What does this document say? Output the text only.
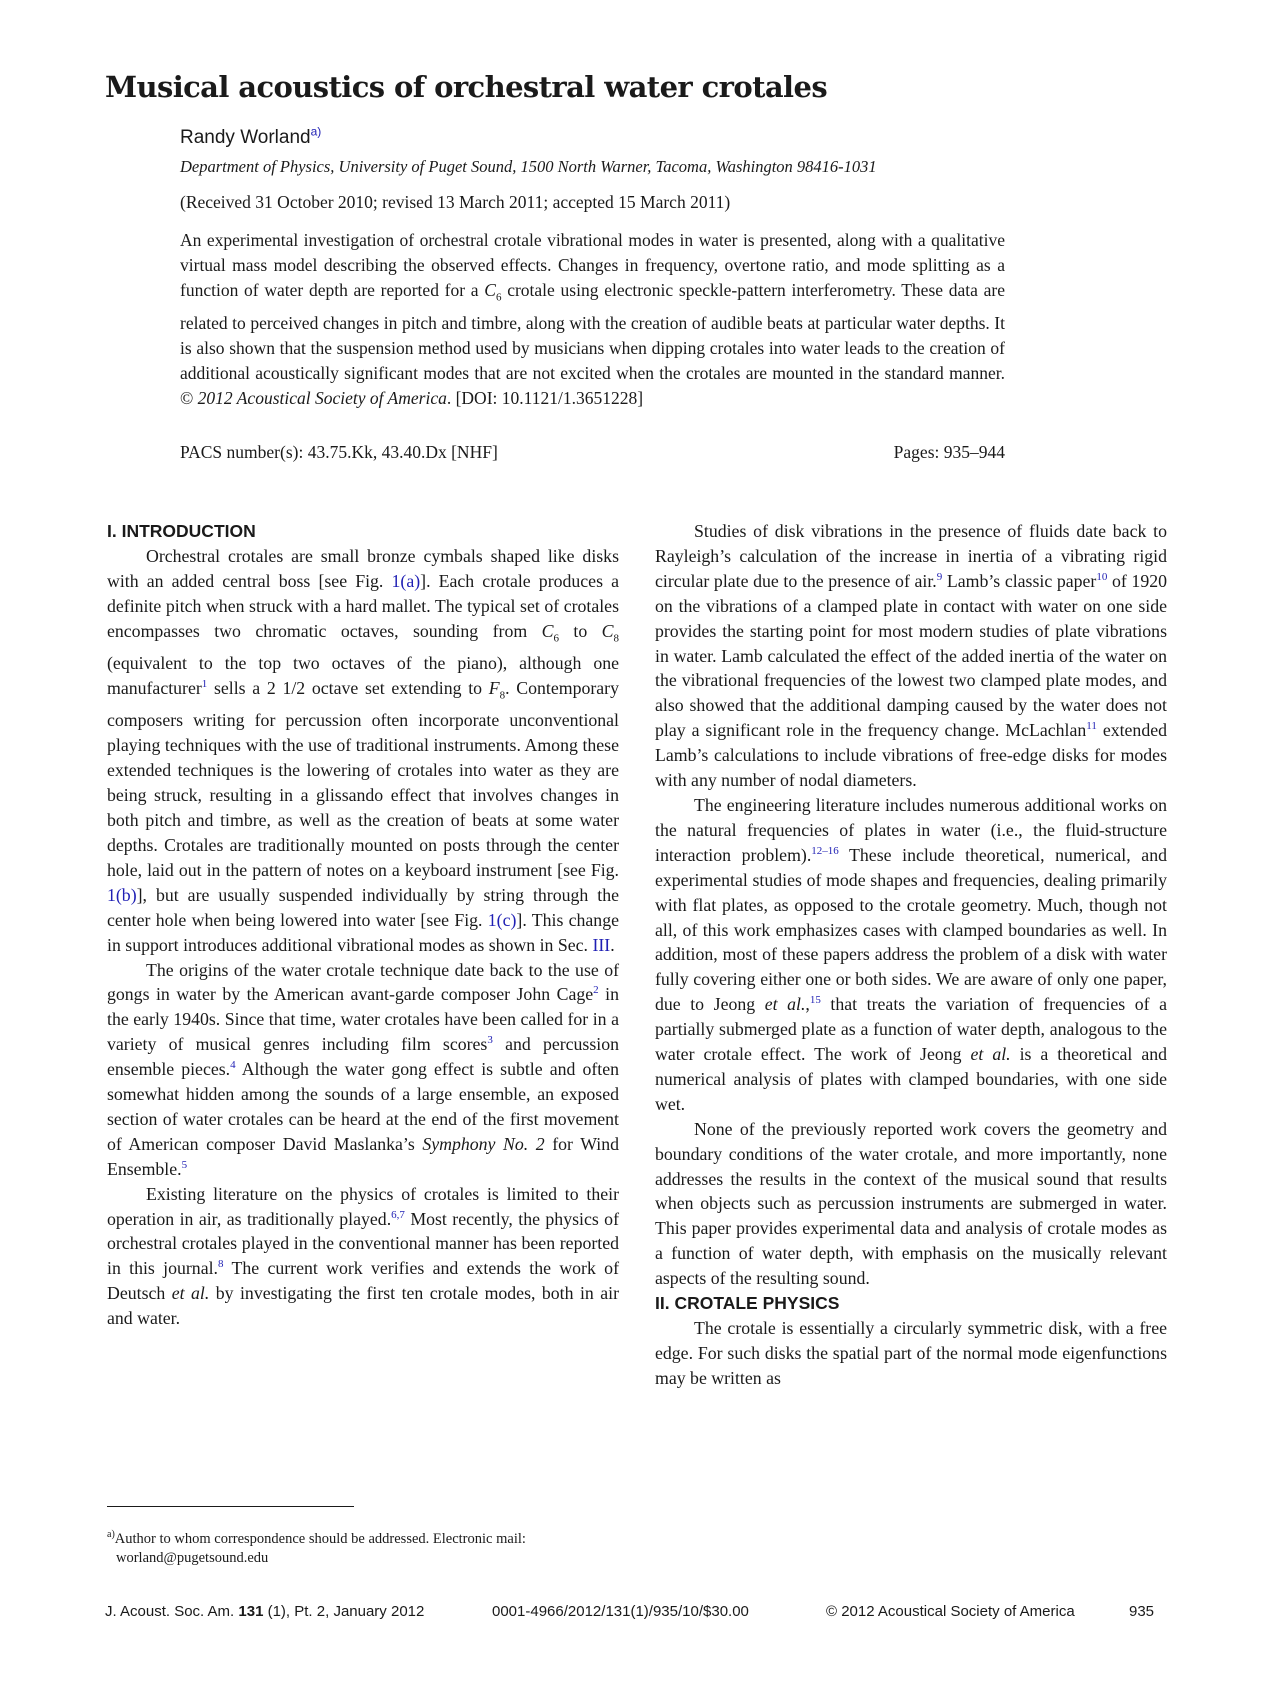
Musical acoustics of orchestral water crotales
Randy Worland$^{a)}$
Department of Physics, University of Puget Sound, 1500 North Warner, Tacoma, Washington 98416-1031
(Received 31 October 2010; revised 13 March 2011; accepted 15 March 2011)
An experimental investigation of orchestral crotale vibrational modes in water is presented, along with a qualitative virtual mass model describing the observed effects. Changes in frequency, overtone ratio, and mode splitting as a function of water depth are reported for a $C_6$ crotale using electronic speckle-pattern interferometry. These data are related to perceived changes in pitch and timbre, along with the creation of audible beats at particular water depths. It is also shown that the suspension method used by musicians when dipping crotales into water leads to the creation of additional acoustically significant modes that are not excited when the crotales are mounted in the standard manner. © 2012 Acoustical Society of America. [DOI: 10.1121/1.3651228]
PACS number(s): 43.75.Kk, 43.40.Dx [NHF]	Pages: 935–944

I. INTRODUCTION

Orchestral crotales are small bronze cymbals shaped like disks with an added central boss [see Fig. 1(a)]. Each crotale produces a definite pitch when struck with a hard mallet. The typical set of crotales encompasses two chromatic octaves, sounding from $C_6$ to $C_8$ (equivalent to the top two octaves of the piano), although one manufacturer$^1$ sells a 2 1/2 octave set extending to $F_8$. Contemporary composers writing for percussion often incorporate unconventional playing techniques with the use of traditional instruments. Among these extended techniques is the lowering of crotales into water as they are being struck, resulting in a glissando effect that involves changes in both pitch and timbre, as well as the creation of beats at some water depths. Crotales are traditionally mounted on posts through the center hole, laid out in the pattern of notes on a keyboard instrument [see Fig. 1(b)], but are usually suspended individually by string through the center hole when being lowered into water [see Fig. 1(c)]. This change in support introduces additional vibrational modes as shown in Sec. III.

The origins of the water crotale technique date back to the use of gongs in water by the American avant-garde composer John Cage$^2$ in the early 1940s. Since that time, water crotales have been called for in a variety of musical genres including film scores$^3$ and percussion ensemble pieces.$^4$ Although the water gong effect is subtle and often somewhat hidden among the sounds of a large ensemble, an exposed section of water crotales can be heard at the end of the first movement of American composer David Maslanka’s Symphony No. 2 for Wind Ensemble.$^5$

Existing literature on the physics of crotales is limited to their operation in air, as traditionally played.$^{6,7}$ Most recently, the physics of orchestral crotales played in the conventional manner has been reported in this journal.$^8$ The current work verifies and extends the work of Deutsch et al. by investigating the first ten crotale modes, both in air and water.

Studies of disk vibrations in the presence of fluids date back to Rayleigh’s calculation of the increase in inertia of a vibrating rigid circular plate due to the presence of air.$^9$ Lamb’s classic paper$^{10}$ of 1920 on the vibrations of a clamped plate in contact with water on one side provides the starting point for most modern studies of plate vibrations in water. Lamb calculated the effect of the added inertia of the water on the vibrational frequencies of the lowest two clamped plate modes, and also showed that the additional damping caused by the water does not play a significant role in the frequency change. McLachlan$^{11}$ extended Lamb’s calculations to include vibrations of free-edge disks for modes with any number of nodal diameters.

The engineering literature includes numerous additional works on the natural frequencies of plates in water (i.e., the fluid-structure interaction problem).$^{12-16}$ These include theoretical, numerical, and experimental studies of mode shapes and frequencies, dealing primarily with flat plates, as opposed to the crotale geometry. Much, though not all, of this work emphasizes cases with clamped boundaries as well. In addition, most of these papers address the problem of a disk with water fully covering either one or both sides. We are aware of only one paper, due to Jeong et al.,$^{15}$ that treats the variation of frequencies of a partially submerged plate as a function of water depth, analogous to the water crotale effect. The work of Jeong et al. is a theoretical and numerical analysis of plates with clamped boundaries, with one side wet.

None of the previously reported work covers the geometry and boundary conditions of the water crotale, and more importantly, none addresses the results in the context of the musical sound that results when objects such as percussion instruments are submerged in water. This paper provides experimental data and analysis of crotale modes as a function of water depth, with emphasis on the musically relevant aspects of the resulting sound.

II. CROTALE PHYSICS

The crotale is essentially a circularly symmetric disk, with a free edge. For such disks the spatial part of the normal mode eigenfunctions may be written as

$^{a)}$Author to whom correspondence should be addressed. Electronic mail:
worland@pugetsound.edu
J. Acoust. Soc. Am. 131 (1), Pt. 2, January 2012	0001-4966/2012/131(1)/935/10/$30.00	© 2012 Acoustical Society of America	935
